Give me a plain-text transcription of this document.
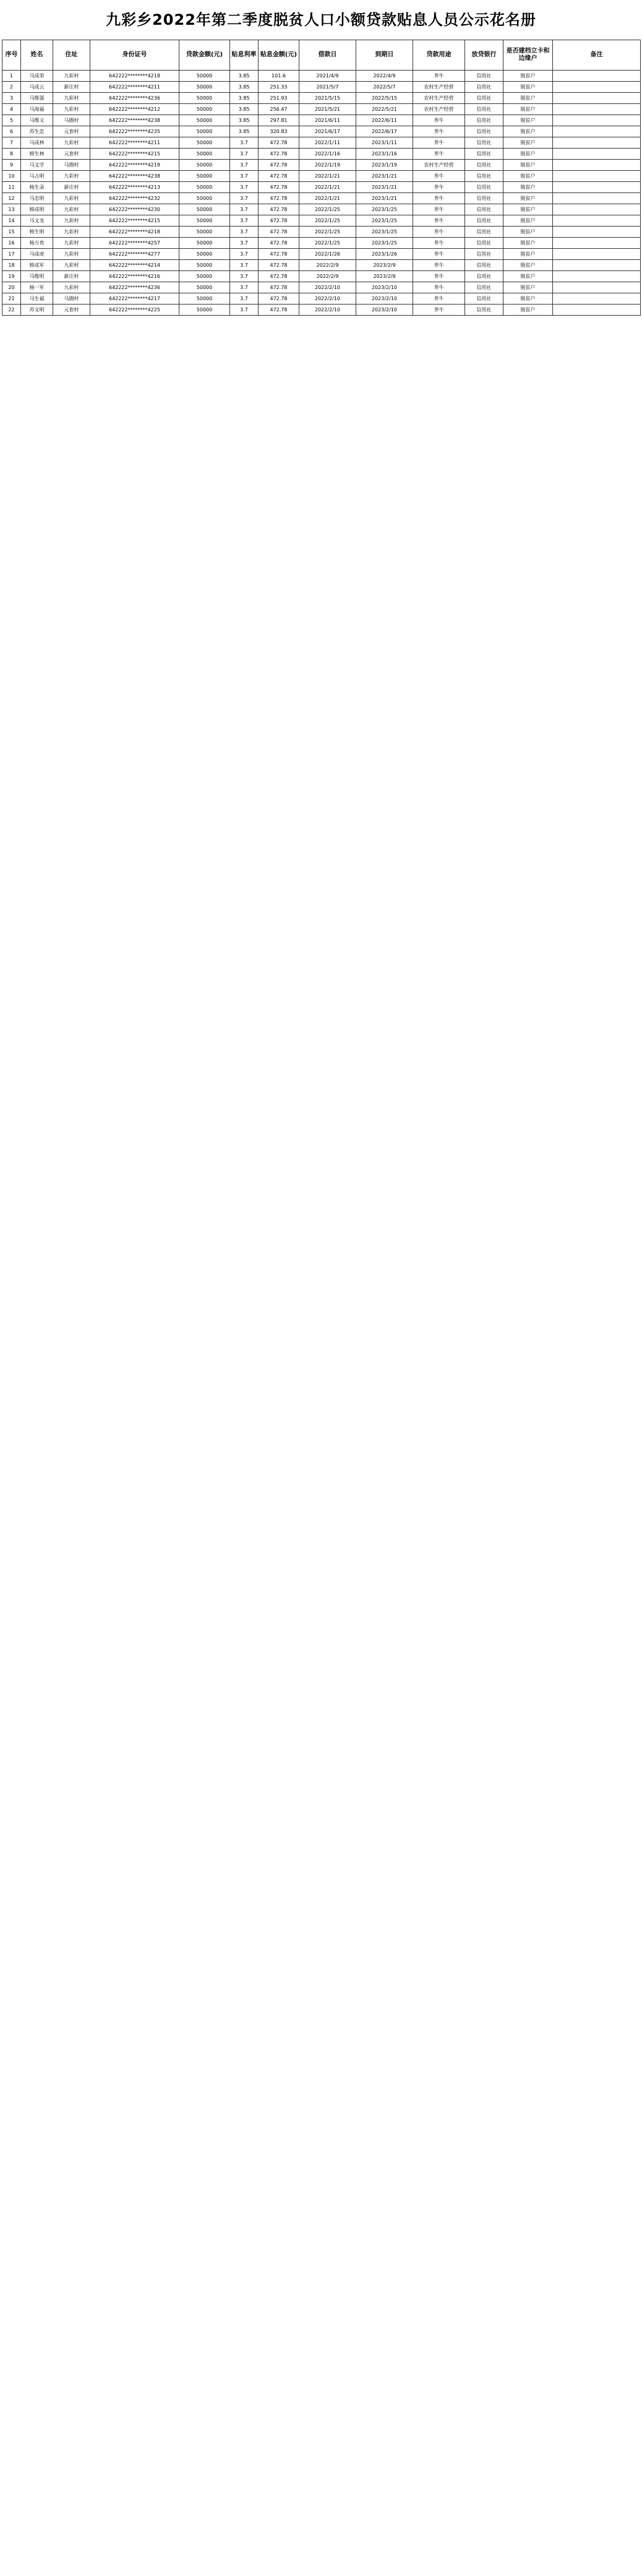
九彩乡2022年第二季度脱贫人口小额贷款贴息人员公示花名册
序号	姓名	住址	身份证号	贷款金额(元)	贴息利率	贴息金额(元)	借款日	到期日	贷款用途	放贷银行	是否建档立卡和边缘户	备注
1	马成荣	九彩村	642222********4218	50000	3.85	101.6	2021/4/9	2022/4/9	养牛	信用社	脱贫户	
2	马成云	新庄村	642222********4211	50000	3.85	251.33	2021/5/7	2022/5/7	农村生产经营	信用社	脱贫户	
3	马维强	九彩村	642222********4236	50000	3.85	251.93	2021/5/15	2022/5/15	农村生产经营	信用社	脱贫户	
4	马海福	九彩村	642222********4212	50000	3.85	256.47	2021/5/21	2022/5/21	农村生产经营	信用社	脱贫户	
5	马维义	马圈村	642222********4238	50000	3.85	297.81	2021/6/11	2022/6/11	养牛	信用社	脱贫户	
6	苏生忠	元套村	642222********4235	50000	3.85	320.83	2021/6/17	2022/6/17	养牛	信用社	脱贫户	
7	马成林	九彩村	642222********4211	50000	3.7	472.78	2022/1/11	2023/1/11	养牛	信用社	脱贫户	
8	韩生林	元套村	642222********4215	50000	3.7	472.78	2022/1/16	2023/1/16	养牛	信用社	脱贫户	
9	马文学	马圈村	642222********4219	50000	3.7	472.78	2022/1/19	2023/1/19	农村生产经营	信用社	脱贫户	
10	马占明	九彩村	642222********4238	50000	3.7	472.78	2022/1/21	2023/1/21	养牛	信用社	脱贫户	
11	杨生录	新庄村	642222********4213	50000	3.7	472.78	2022/1/21	2023/1/21	养牛	信用社	脱贫户	
12	马忠明	九彩村	642222********4232	50000	3.7	472.78	2022/1/21	2023/1/21	养牛	信用社	脱贫户	
13	韩成明	九彩村	642222********4230	50000	3.7	472.78	2022/1/25	2023/1/25	养牛	信用社	脱贫户	
14	马文龙	九彩村	642222********4215	50000	3.7	472.78	2022/1/25	2023/1/25	养牛	信用社	脱贫户	
15	韩生明	九彩村	642222********4218	50000	3.7	472.78	2022/1/25	2023/1/25	养牛	信用社	脱贫户	
16	杨万贵	九彩村	642222********4257	50000	3.7	472.78	2022/1/25	2023/1/25	养牛	信用社	脱贫户	
17	马成虎	九彩村	642222********4277	50000	3.7	472.78	2022/1/26	2023/1/26	养牛	信用社	脱贫户	
18	韩成军	九彩村	642222********4214	50000	3.7	472.78	2022/2/9	2023/2/9	养牛	信用社	脱贫户	
19	马维明	新庄村	642222********4216	50000	3.7	472.78	2022/2/9	2023/2/9	养牛	信用社	脱贫户	
20	杨一军	九彩村	642222********4236	50000	3.7	472.78	2022/2/10	2023/2/10	养牛	信用社	脱贫户	
21	马生福	马圈村	642222********4217	50000	3.7	472.78	2022/2/10	2023/2/10	养牛	信用社	脱贫户	
22	苏文明	元套村	642222********4225	50000	3.7	472.78	2022/2/10	2023/2/10	养牛	信用社	脱贫户	
